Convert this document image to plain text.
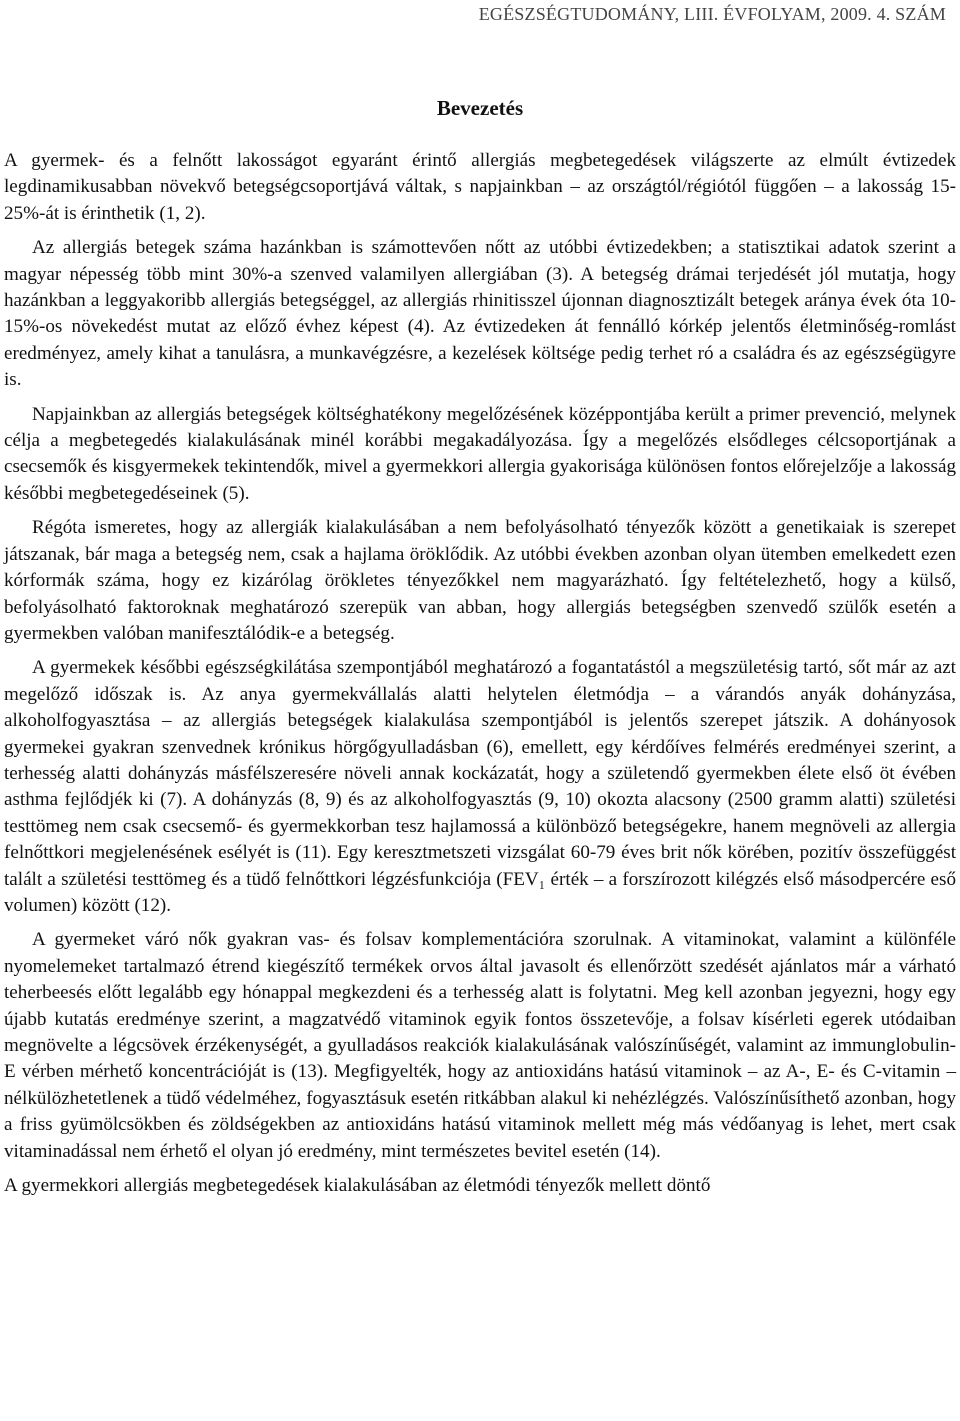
EGÉSZSÉGTUDOMÁNY, LIII. ÉVFOLYAM, 2009. 4. SZÁM
Bevezetés

A gyermek- és a felnőtt lakosságot egyaránt érintő allergiás megbetegedések világszerte az elmúlt évtizedek legdinamikusabban növekvő betegségcsoportjává váltak, s napjainkban – az országtól/régiótól függően – a lakosság 15-25%-át is érinthetik (1, 2).

Az allergiás betegek száma hazánkban is számottevően nőtt az utóbbi évtizedekben; a statisztikai adatok szerint a magyar népesség több mint 30%-a szenved valamilyen allergiában (3). A betegség drámai terjedését jól mutatja, hogy hazánkban a leggyakoribb allergiás betegséggel, az allergiás rhinitisszel újonnan diagnosztizált betegek aránya évek óta 10-15%-os növekedést mutat az előző évhez képest (4). Az évtizedeken át fennálló kórkép jelentős életminőség-romlást eredményez, amely kihat a tanulásra, a munkavégzésre, a kezelések költsége pedig terhet ró a családra és az egészségügyre is.

Napjainkban az allergiás betegségek költséghatékony megelőzésének középpontjába került a primer prevenció, melynek célja a megbetegedés kialakulásának minél korábbi megakadályozása. Így a megelőzés elsődleges célcsoportjának a csecsemők és kisgyermekek tekintendők, mivel a gyermekkori allergia gyakorisága különösen fontos előrejelzője a lakosság későbbi megbetegedéseinek (5).

Régóta ismeretes, hogy az allergiák kialakulásában a nem befolyásolható tényezők között a genetikaiak is szerepet játszanak, bár maga a betegség nem, csak a hajlama öröklődik. Az utóbbi években azonban olyan ütemben emelkedett ezen kórformák száma, hogy ez kizárólag örökletes tényezőkkel nem magyarázható. Így feltételezhető, hogy a külső, befolyásolható faktoroknak meghatározó szerepük van abban, hogy allergiás betegségben szenvedő szülők esetén a gyermekben valóban manifesztálódik-e a betegség.

A gyermekek későbbi egészségkilátása szempontjából meghatározó a fogantatástól a megszületésig tartó, sőt már az azt megelőző időszak is. Az anya gyermekvállalás alatti helytelen életmódja – a várandós anyák dohányzása, alkoholfogyasztása – az allergiás betegségek kialakulása szempontjából is jelentős szerepet játszik. A dohányosok gyermekei gyakran szenvednek krónikus hörgőgyulladásban (6), emellett, egy kérdőíves felmérés eredményei szerint, a terhesség alatti dohányzás másfélszeresére növeli annak kockázatát, hogy a születendő gyermekben élete első öt évében asthma fejlődjék ki (7). A dohányzás (8, 9) és az alkoholfogyasztás (9, 10) okozta alacsony (2500 gramm alatti) születési testtömeg nem csak csecsemő- és gyermekkorban tesz hajlamossá a különböző betegségekre, hanem megnöveli az allergia felnőttkori megjelenésének esélyét is (11). Egy keresztmetszeti vizsgálat 60-79 éves brit nők körében, pozitív összefüggést talált a születési testtömeg és a tüdő felnőttkori légzésfunkciója (FEV₁ érték – a forszírozott kilégzés első másodpercére eső volumen) között (12).

A gyermeket váró nők gyakran vas- és folsav komplementációra szorulnak. A vitaminokat, valamint a különféle nyomelemeket tartalmazó étrend kiegészítő termékek orvos által javasolt és ellenőrzött szedését ajánlatos már a várható teherbeesés előtt legalább egy hónappal megkezdeni és a terhesség alatt is folytatni. Meg kell azonban jegyezni, hogy egy újabb kutatás eredménye szerint, a magzatvédő vitaminok egyik fontos összetevője, a folsav kísérleti egerek utódaiban megnövelte a légcsövek érzékenységét, a gyulladásos reakciók kialakulásának valószínűségét, valamint az immunglobulin-E vérben mérhető koncentrációját is (13). Megfigyelték, hogy az antioxidáns hatású vitaminok – az A-, E- és C-vitamin – nélkülözhetetlenek a tüdő védelméhez, fogyasztásuk esetén ritkábban alakul ki nehézlégzés. Valószínűsíthető azonban, hogy a friss gyümölcsökben és zöldségekben az antioxidáns hatású vitaminok mellett még más védőanyag is lehet, mert csak vitaminadással nem érhető el olyan jó eredmény, mint természetes bevitel esetén (14).

A gyermekkori allergiás megbetegedések kialakulásában az életmódi tényezők mellett döntő
